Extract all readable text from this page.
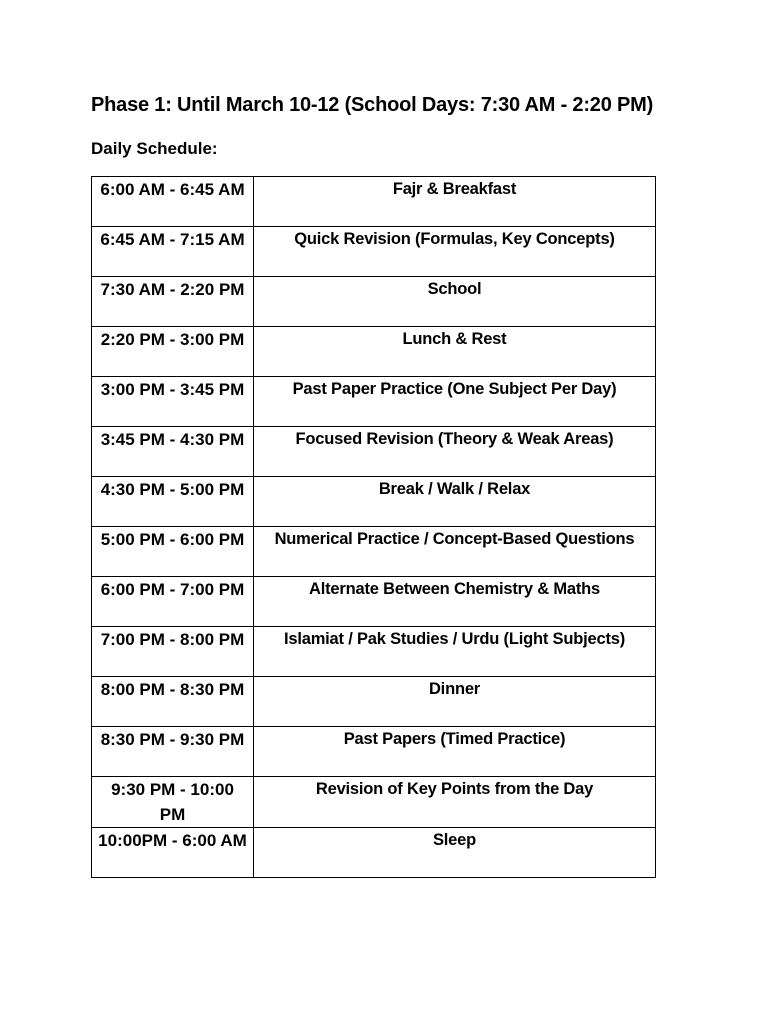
Phase 1: Until March 10-12 (School Days: 7:30 AM - 2:20 PM)
Daily Schedule:
6:00 AM - 6:45 AM	Fajr & Breakfast
6:45 AM - 7:15 AM	Quick Revision (Formulas, Key Concepts)
7:30 AM - 2:20 PM	School
2:20 PM - 3:00 PM	Lunch & Rest
3:00 PM - 3:45 PM	Past Paper Practice (One Subject Per Day)
3:45 PM - 4:30 PM	Focused Revision (Theory & Weak Areas)
4:30 PM - 5:00 PM	Break / Walk / Relax
5:00 PM - 6:00 PM	Numerical Practice / Concept-Based Questions
6:00 PM - 7:00 PM	Alternate Between Chemistry & Maths
7:00 PM - 8:00 PM	Islamiat / Pak Studies / Urdu (Light Subjects)
8:00 PM - 8:30 PM	Dinner
8:30 PM - 9:30 PM	Past Papers (Timed Practice)
9:30 PM - 10:00 PM	Revision of Key Points from the Day
10:00PM - 6:00 AM	Sleep
